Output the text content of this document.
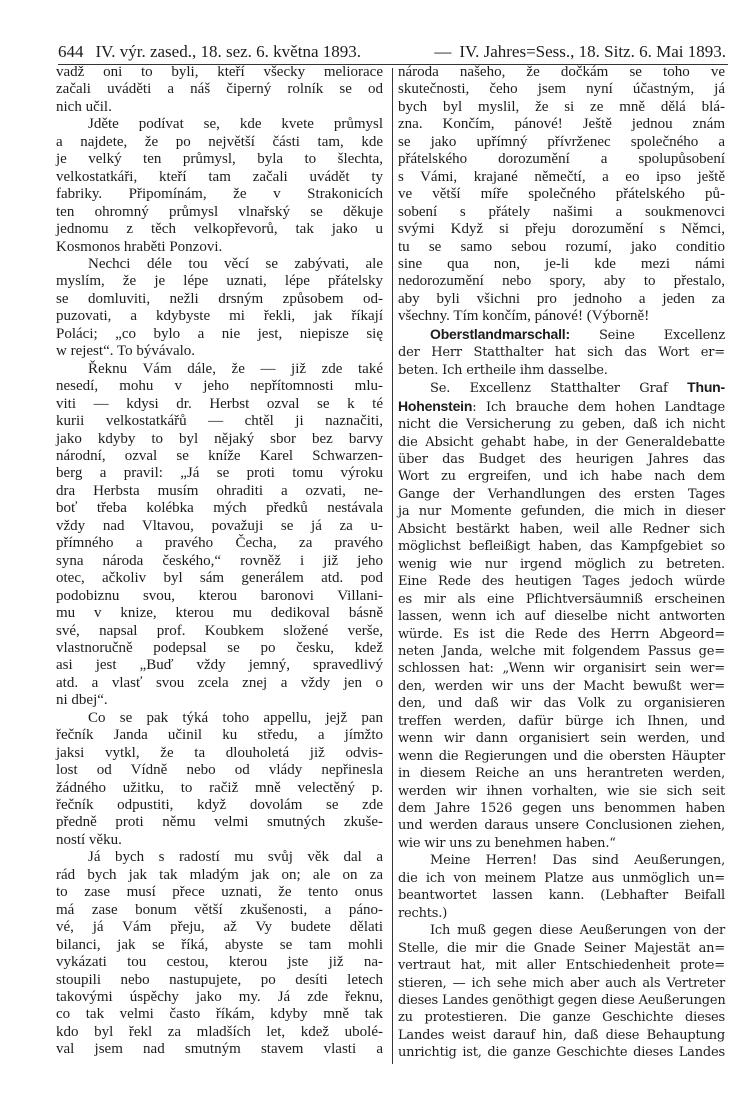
644 IV. výr. zased., 18. sez. 6. května 1893.	— IV. Jahres=Sess., 18. Sitz. 6. Mai 1893.
vadž oni to byli, kteří všecky meliorace
začali uváděti a náš čiperný rolník se od
nich učil.
Jděte podívat se, kde kvete průmysl
a najdete, že po největší části tam, kde
je velký ten průmysl, byla to šlechta,
velkostatkáři, kteří tam začali uvádět ty
fabriky. Připomínám, že v Strakonicích
ten ohromný průmysl vlnařský se děkuje
jednomu z těch velkopřevorů, tak jako u
Kosmonos hraběti Ponzovi.
Nechci déle tou věcí se zabývati, ale
myslím, že je lépe uznati, lépe přátelsky
se domluviti, nežli drsným způsobem od-
puzovati, a kdybyste mi řekli, jak říkají
Poláci; „co bylo a nie jest, niepisze się
w rejest“. To bývávalo.
Řeknu Vám dále, že — již zde také
nesedí, mohu v jeho nepřítomnosti mlu-
viti — kdysi dr. Herbst ozval se k té
kurii velkostatkářů — chtěl ji naznačiti,
jako kdyby to byl nějaký sbor bez barvy
národní, ozval se kníže Karel Schwarzen-
berg a pravil: „Já se proti tomu výroku
dra Herbsta musím ohraditi a ozvati, ne-
boť třeba kolébka mých předků nestávala
vždy nad Vltavou, považuji se já za u-
přímného a pravého Čecha, za pravého
syna národa českého,“ rovněž i již jeho
otec, ačkoliv byl sám generálem atd. pod
podobiznu svou, kterou baronovi Villani-
mu v knize, kterou mu dedikoval básně
své, napsal prof. Koubkem složené verše,
vlastnoručně podepsal se po česku, kdež
asi jest „Buď vždy jemný, spravedlivý
atd. a vlasť svou zcela znej a vždy jen o
ni dbej“.
Co se pak týká toho appellu, jejž pan
řečník Janda učinil ku středu, a jímžto
jaksi vytkl, že ta dlouholetá již odvis-
lost od Vídně nebo od vlády nepřinesla
žádného užitku, to račiž mně velectěný p.
řečník odpustiti, když dovolám se zde
předně proti němu velmi smutných zkuše-
ností věku.
Já bych s radostí mu svůj věk dal a
rád bych jak tak mladým jak on; ale on za
to zase musí přece uznati, že tento onus
má zase bonum větší zkušenosti, a páno-
vé, já Vám přeju, až Vy budete dělati
bilanci, jak se říká, abyste se tam mohli
vykázati tou cestou, kterou jste již na-
stoupili nebo nastupujete, po desíti letech
takovými úspěchy jako my. Já zde řeknu,
co tak velmi často říkám, kdyby mně tak
kdo byl řekl za mladších let, kdež ubolé-
val jsem nad smutným stavem vlasti a
národa našeho, že dočkám se toho ve
skutečnosti, čeho jsem nyní účastným, já
bych byl myslil, že si ze mně dělá blá-
zna. Končím, pánové! Ještě jednou znám
se jako upřímný přívrženec společného a
přátelského dorozumění a spolupůsobení
s Vámi, krajané němečtí, a eo ipso ještě
ve větší míře společného přátelského pů-
sobení s přátely našimi a soukmenovci
svými Když si přeju dorozumění s Němci,
tu se samo sebou rozumí, jako conditio
sine qua non, je-li kde mezi námi
nedorozumění nebo spory, aby to přestalo,
aby byli všichni pro jednoho a jeden za
všechny. Tím končím, pánové! (Výborně!
Oberstlandmarschall: Seine Excellenz
der Herr Statthalter hat sich das Wort er=
beten. Ich ertheile ihm dasselbe.
Se. Excellenz Statthalter Graf Thun-
Hohenstein: Ich brauche dem hohen Landtage
nicht die Versicherung zu geben, daß ich nicht
die Absicht gehabt habe, in der Generaldebatte
über das Budget des heurigen Jahres das
Wort zu ergreifen, und ich habe nach dem
Gange der Verhandlungen des ersten Tages
ja nur Momente gefunden, die mich in dieser
Absicht bestärkt haben, weil alle Redner sich
möglichst befleißigt haben, das Kampfgebiet so
wenig wie nur irgend möglich zu betreten.
Eine Rede des heutigen Tages jedoch würde
es mir als eine Pflichtversäumniß erscheinen
lassen, wenn ich auf dieselbe nicht antworten
würde. Es ist die Rede des Herrn Abgeord=
neten Janda, welche mit folgendem Passus ge=
schlossen hat: „Wenn wir organisirt sein wer=
den, werden wir uns der Macht bewußt wer=
den, und daß wir das Volk zu organisieren
treffen werden, dafür bürge ich Ihnen, und
wenn wir dann organisiert sein werden, und
wenn die Regierungen und die obersten Häupter
in diesem Reiche an uns herantreten werden,
werden wir ihnen vorhalten, wie sie sich seit
dem Jahre 1526 gegen uns benommen haben
und werden daraus unsere Conclusionen ziehen,
wie wir uns zu benehmen haben.“
Meine Herren! Das sind Aeußerungen,
die ich von meinem Platze aus unmöglich un=
beantwortet lassen kann. (Lebhafter Beifall
rechts.)
Ich muß gegen diese Aeußerungen von der
Stelle, die mir die Gnade Seiner Majestät an=
vertraut hat, mit aller Entschiedenheit prote=
stieren, — ich sehe mich aber auch als Vertreter
dieses Landes genöthigt gegen diese Aeußerungen
zu protestieren. Die ganze Geschichte dieses
Landes weist darauf hin, daß diese Behauptung
unrichtig ist, die ganze Geschichte dieses Landes
